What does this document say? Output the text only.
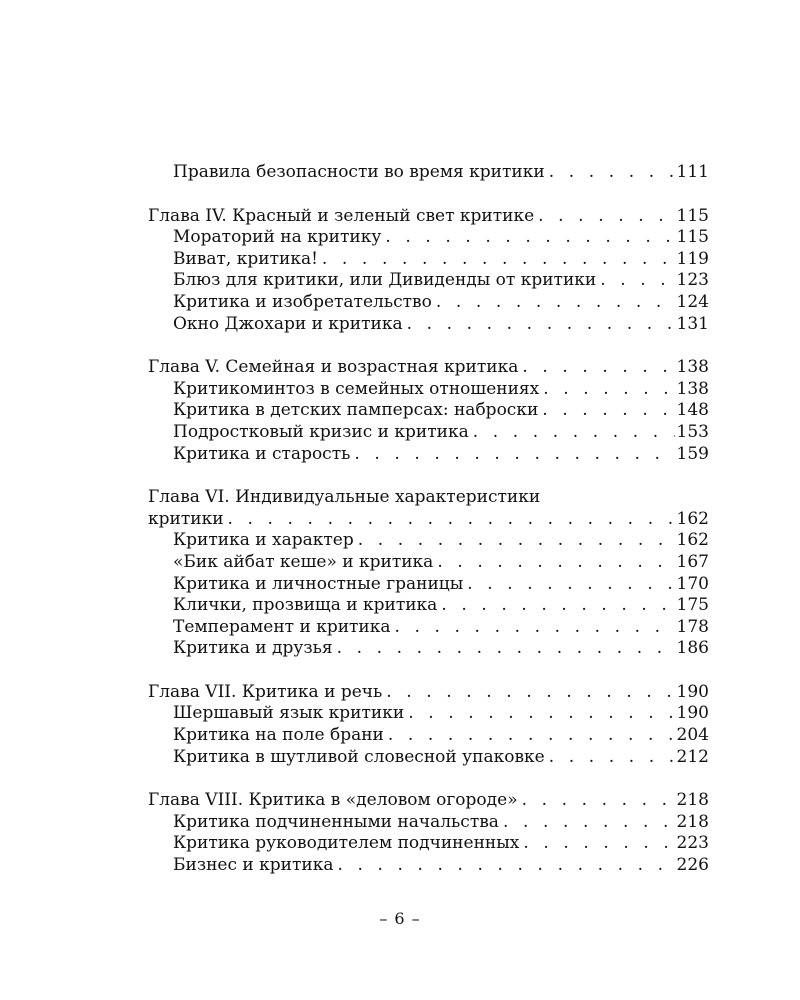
Правила безопасности во время критики . . .	111
Глава IV. Красный и зеленый свет критике . . .	115
Мораторий на критику . . .	115
Виват, критика! . . .	119
Блюз для критики, или Дивиденды от критики . . .	123
Критика и изобретательство . . .	124
Окно Джохари и критика . . .	131
Глава V. Семейная и возрастная критика . . .	138
Критикоминтоз в семейных отношениях . . .	138
Критика в детских памперсах: наброски . . .	148
Подростковый кризис и критика . . .	153
Критика и старость . . .	159
Глава VI. Индивидуальные характеристики
критики . . .	162
Критика и характер . . .	162
«Бик айбат кеше» и критика . . .	167
Критика и личностные границы . . .	170
Клички, прозвища и критика . . .	175
Темперамент и критика . . .	178
Критика и друзья . . .	186
Глава VII. Критика и речь . . .	190
Шершавый язык критики . . .	190
Критика на поле брани . . .	204
Критика в шутливой словесной упаковке . . .	212
Глава VIII. Критика в «деловом огороде» . . .	218
Критика подчиненными начальства . . .	218
Критика руководителем подчиненных . . .	223
Бизнес и критика . . .	226
– 6 –
